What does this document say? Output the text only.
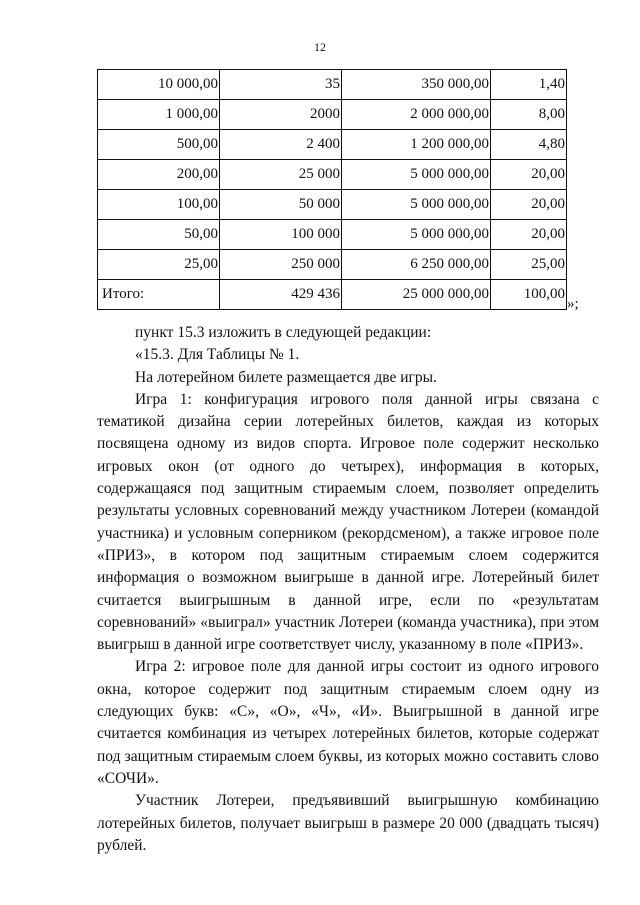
12
10 000,00	35	350 000,00	1,40
1 000,00	2000	2 000 000,00	8,00
500,00	2 400	1 200 000,00	4,80
200,00	25 000	5 000 000,00	20,00
100,00	50 000	5 000 000,00	20,00
50,00	100 000	5 000 000,00	20,00
25,00	250 000	6 250 000,00	25,00
Итого:	429 436	25 000 000,00	100,00
»;

пункт 15.3 изложить в следующей редакции:

«15.3. Для Таблицы № 1.

На лотерейном билете размещается две игры.

Игра 1: конфигурация игрового поля данной игры связана с тематикой дизайна серии лотерейных билетов, каждая из которых посвящена одному из видов спорта. Игровое поле содержит несколько игровых окон (от одного до четырех), информация в которых, содержащаяся под защитным стираемым слоем, позволяет определить результаты условных соревнований между участником Лотереи (командой участника) и условным соперником (рекордсменом), а также игровое поле «ПРИЗ», в котором под защитным стираемым слоем содержится информация о возможном выигрыше в данной игре. Лотерейный билет считается выигрышным в данной игре, если по «результатам соревнований» «выиграл» участник Лотереи (команда участника), при этом выигрыш в данной игре соответствует числу, указанному в поле «ПРИЗ».

Игра 2: игровое поле для данной игры состоит из одного игрового окна, которое содержит под защитным стираемым слоем одну из следующих букв: «С», «О», «Ч», «И». Выигрышной в данной игре считается комбинация из четырех лотерейных билетов, которые содержат под защитным стираемым слоем буквы, из которых можно составить слово «СОЧИ».

Участник Лотереи, предъявивший выигрышную комбинацию лотерейных билетов, получает выигрыш в размере 20 000 (двадцать тысяч) рублей.
